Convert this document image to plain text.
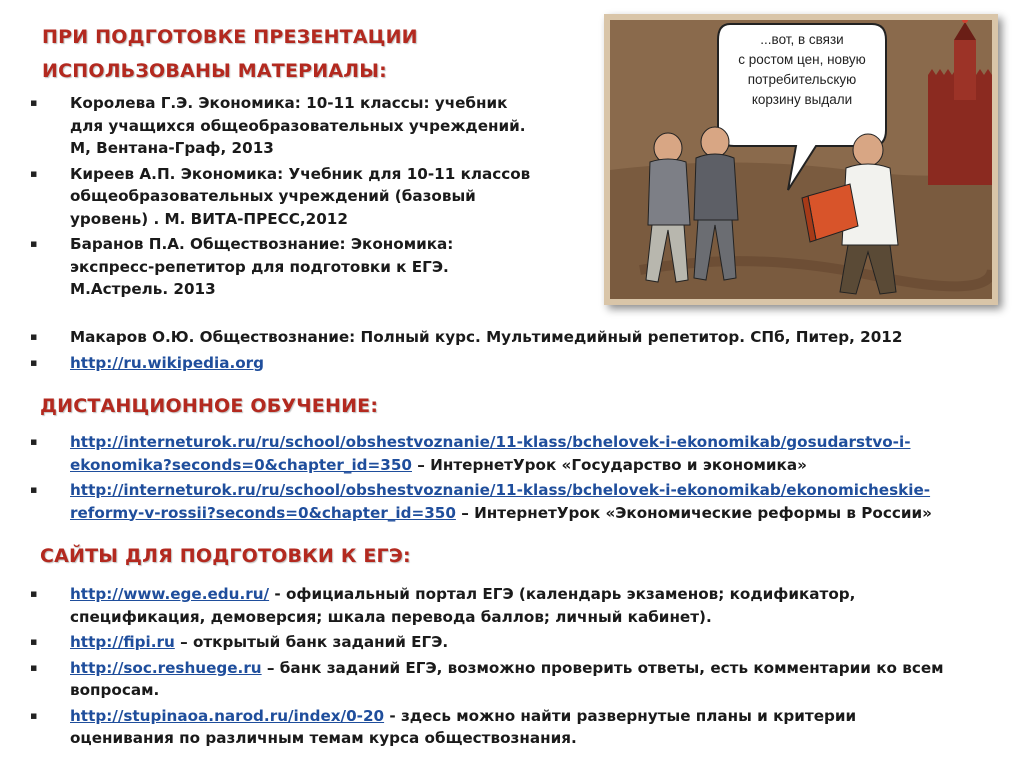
ПРИ ПОДГОТОВКЕ ПРЕЗЕНТАЦИИ
ИСПОЛЬЗОВАНЫ МАТЕРИАЛЫ:
▪ Королева Г.Э. Экономика: 10-11 классы: учебник
для учащихся общеобразовательных учреждений.
М, Вентана-Граф, 2013
▪ Киреев А.П. Экономика: Учебник для 10-11 классов
общеобразовательных учреждений (базовый
уровень) . М. ВИТА-ПРЕСС,2012
▪ Баранов П.А. Обществознание: Экономика:
экспресс-репетитор для подготовки к ЕГЭ.
М.Астрель. 2013
▪ Макаров О.Ю. Обществознание: Полный курс. Мультимедийный репетитор. СПб, Питер, 2012
▪ http://ru.wikipedia.org
ДИСТАНЦИОННОЕ ОБУЧЕНИЕ:
▪ http://interneturok.ru/ru/school/obshestvoznanie/11-klass/bchelovek-i-ekonomikab/gosudarstvo-i-
ekonomika?seconds=0&chapter_id=350 – ИнтернетУрок «Государство и экономика»
▪ http://interneturok.ru/ru/school/obshestvoznanie/11-klass/bchelovek-i-ekonomikab/ekonomicheskie-
reformy-v-rossii?seconds=0&chapter_id=350 – ИнтернетУрок «Экономические реформы в России»
САЙТЫ ДЛЯ ПОДГОТОВКИ К ЕГЭ:
▪ http://www.ege.edu.ru/ - официальный портал ЕГЭ (календарь экзаменов; кодификатор,
спецификация, демоверсия; шкала перевода баллов; личный кабинет).
▪ http://fipi.ru – открытый банк заданий ЕГЭ.
▪ http://soc.reshuege.ru – банк заданий ЕГЭ, возможно проверить ответы, есть комментарии ко всем
вопросам.
▪ http://stupinaoa.narod.ru/index/0-20 - здесь можно найти развернутые планы и критерии
оценивания по различным темам курса обществознания.
...вот, в связи
с ростом цен, новую
потребительскую
корзину выдали
